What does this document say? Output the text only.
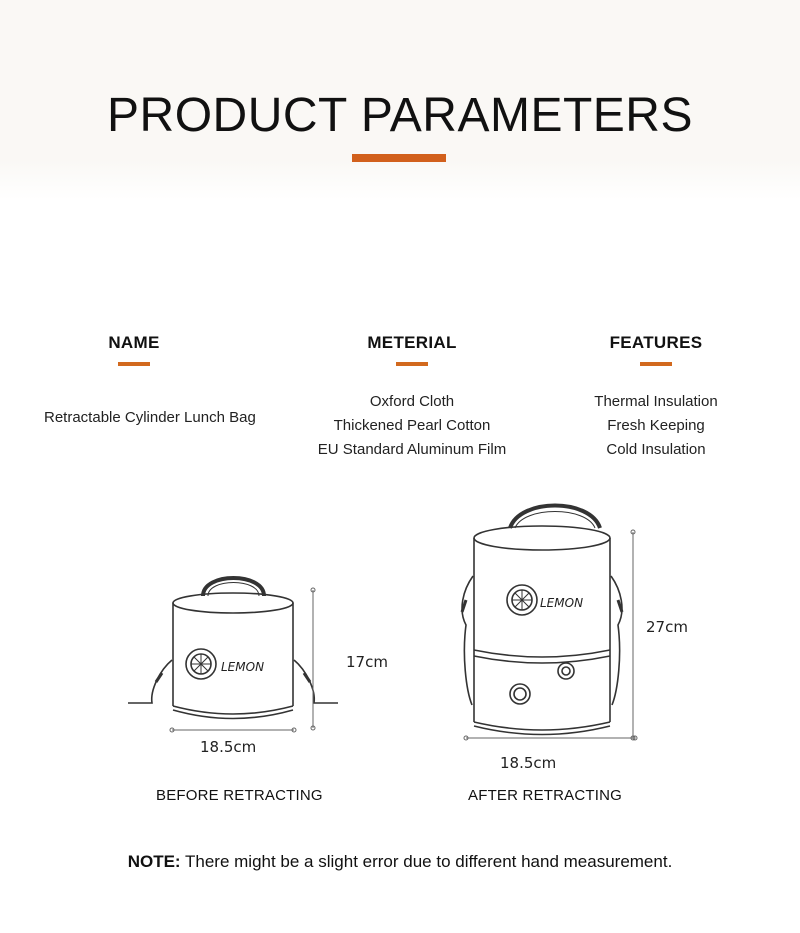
PRODUCT PARAMETERS
NAME
Retractable Cylinder Lunch Bag
METERIAL
Oxford Cloth
Thickened Pearl Cotton
EU Standard Aluminum Film
FEATURES
Thermal Insulation
Fresh Keeping
Cold Insulation
LEMON	17cm
18.5cm
LEMON
27cm
18.5cm
BEFORE RETRACTING	AFTER RETRACTING
NOTE: There might be a slight error due to different hand measurement.
